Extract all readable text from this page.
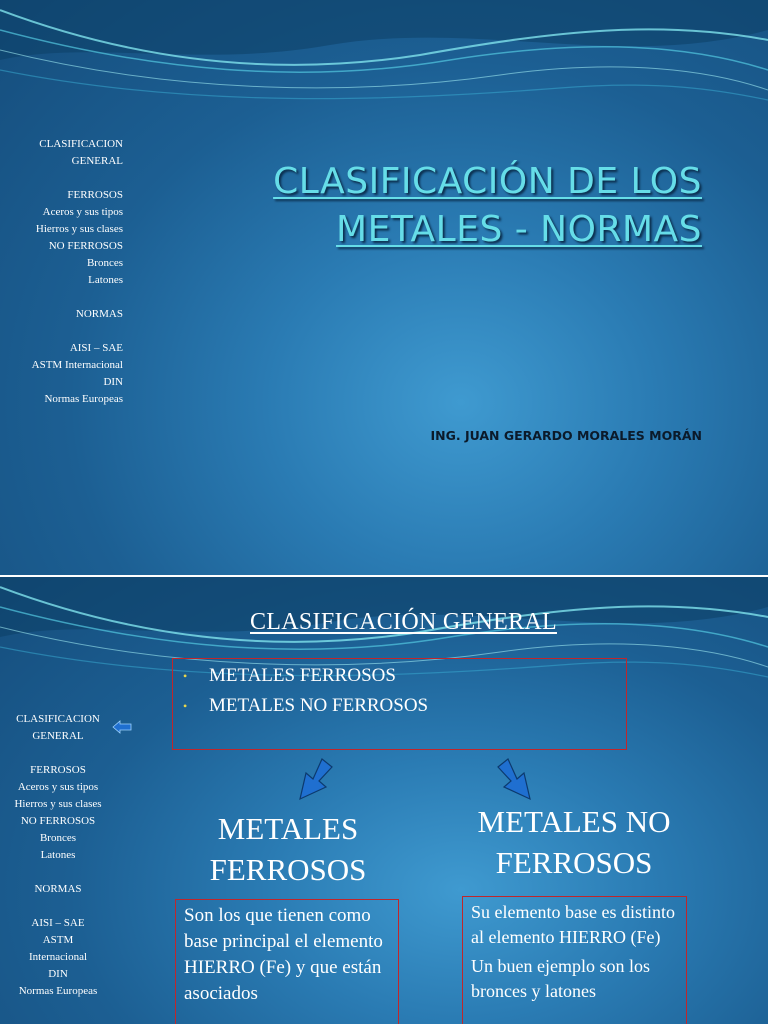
CLASIFICACION
GENERAL
FERROSOS
Aceros y sus tipos
Hierros y sus clases
NO FERROSOS
Bronces
Latones
NORMAS
AISI – SAE
ASTM Internacional
DIN
Normas Europeas
CLASIFICACIÓN DE LOS
METALES - NORMAS
ING. JUAN GERARDO MORALES MORÁN
CLASIFICACIÓN GENERAL
• METALES FERROSOS
• METALES NO FERROSOS
CLASIFICACION
GENERAL
FERROSOS
Aceros y sus tipos
Hierros y sus clases
NO FERROSOS
Bronces
Latones
NORMAS
AISI – SAE
ASTM
Internacional
DIN
Normas Europeas
METALES
FERROSOS
METALES NO
FERROSOS

Son los que tienen como base principal el elemento HIERRO (Fe) y que están asociados

Su elemento base es distinto al elemento HIERRO (Fe)

Un buen ejemplo son los bronces y latones
